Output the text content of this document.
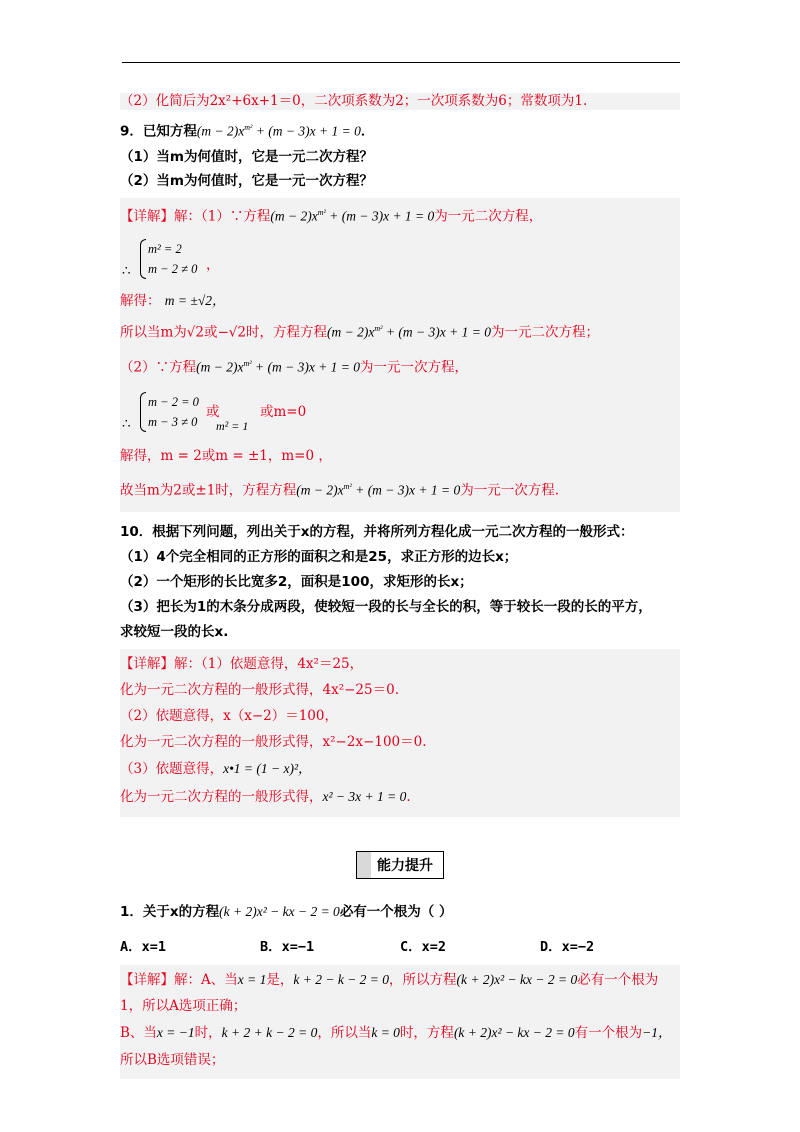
（2）化简后为2x²+6x+1＝0，二次项系数为2；一次项系数为6；常数项为1.

9．已知方程$(m - 2)x^{m^2} + (m - 3)x + 1 = 0$．

（1）当m为何值时，它是一元二次方程？

（2）当m为何值时，它是一元一次方程？

【详解】解：（1）∵方程$(m - 2)x^{m^2} + (m - 3)x + 1 = 0$为一元二次方程，

∴
m² = 2
m − 2 ≠ 0 ，

解得： m = ±√2，

所以当m为√2或−√2时，方程方程$(m - 2)x^{m^2} + (m - 3)x + 1 = 0$为一元二次方程；

（2）∵方程$(m - 2)x^{m^2} + (m - 3)x + 1 = 0$为一元一次方程，

∴
m − 2 = 0
m − 3 ≠ 0
或
m² = 1
或m=0

解得，m = 2或m = ±1，m=0 ，

故当m为2或±1时，方程方程$(m - 2)x^{m^2} + (m - 3)x + 1 = 0$为一元一次方程.

10．根据下列问题，列出关于x的方程，并将所列方程化成一元二次方程的一般形式：

（1）4个完全相同的正方形的面积之和是25，求正方形的边长x；

（2）一个矩形的长比宽多2，面积是100，求矩形的长x；

（3）把长为1的木条分成两段，使较短一段的长与全长的积，等于较长一段的长的平方，

求较短一段的长x.

【详解】解：（1）依题意得，4x²＝25，

化为一元二次方程的一般形式得，4x²−25＝0.

（2）依题意得，x（x−2）＝100，

化为一元二次方程的一般形式得，x²−2x−100＝0.

（3）依题意得，x•1 = (1 − x)²，

化为一元二次方程的一般形式得，x² − 3x + 1 = 0.

能力提升

1．关于x的方程(k + 2)x² − kx − 2 = 0必有一个根为（ ）

A．x=1	B．x=−1	C．x=2	D．x=−2

【详解】解：A、当x = 1是，k + 2 − k − 2 = 0，所以方程(k + 2)x² − kx − 2 = 0必有一个根为

1，所以A选项正确；

B、当x = −1时，k + 2 + k − 2 = 0，所以当k = 0时，方程(k + 2)x² − kx − 2 = 0有一个根为−1，

所以B选项错误；
